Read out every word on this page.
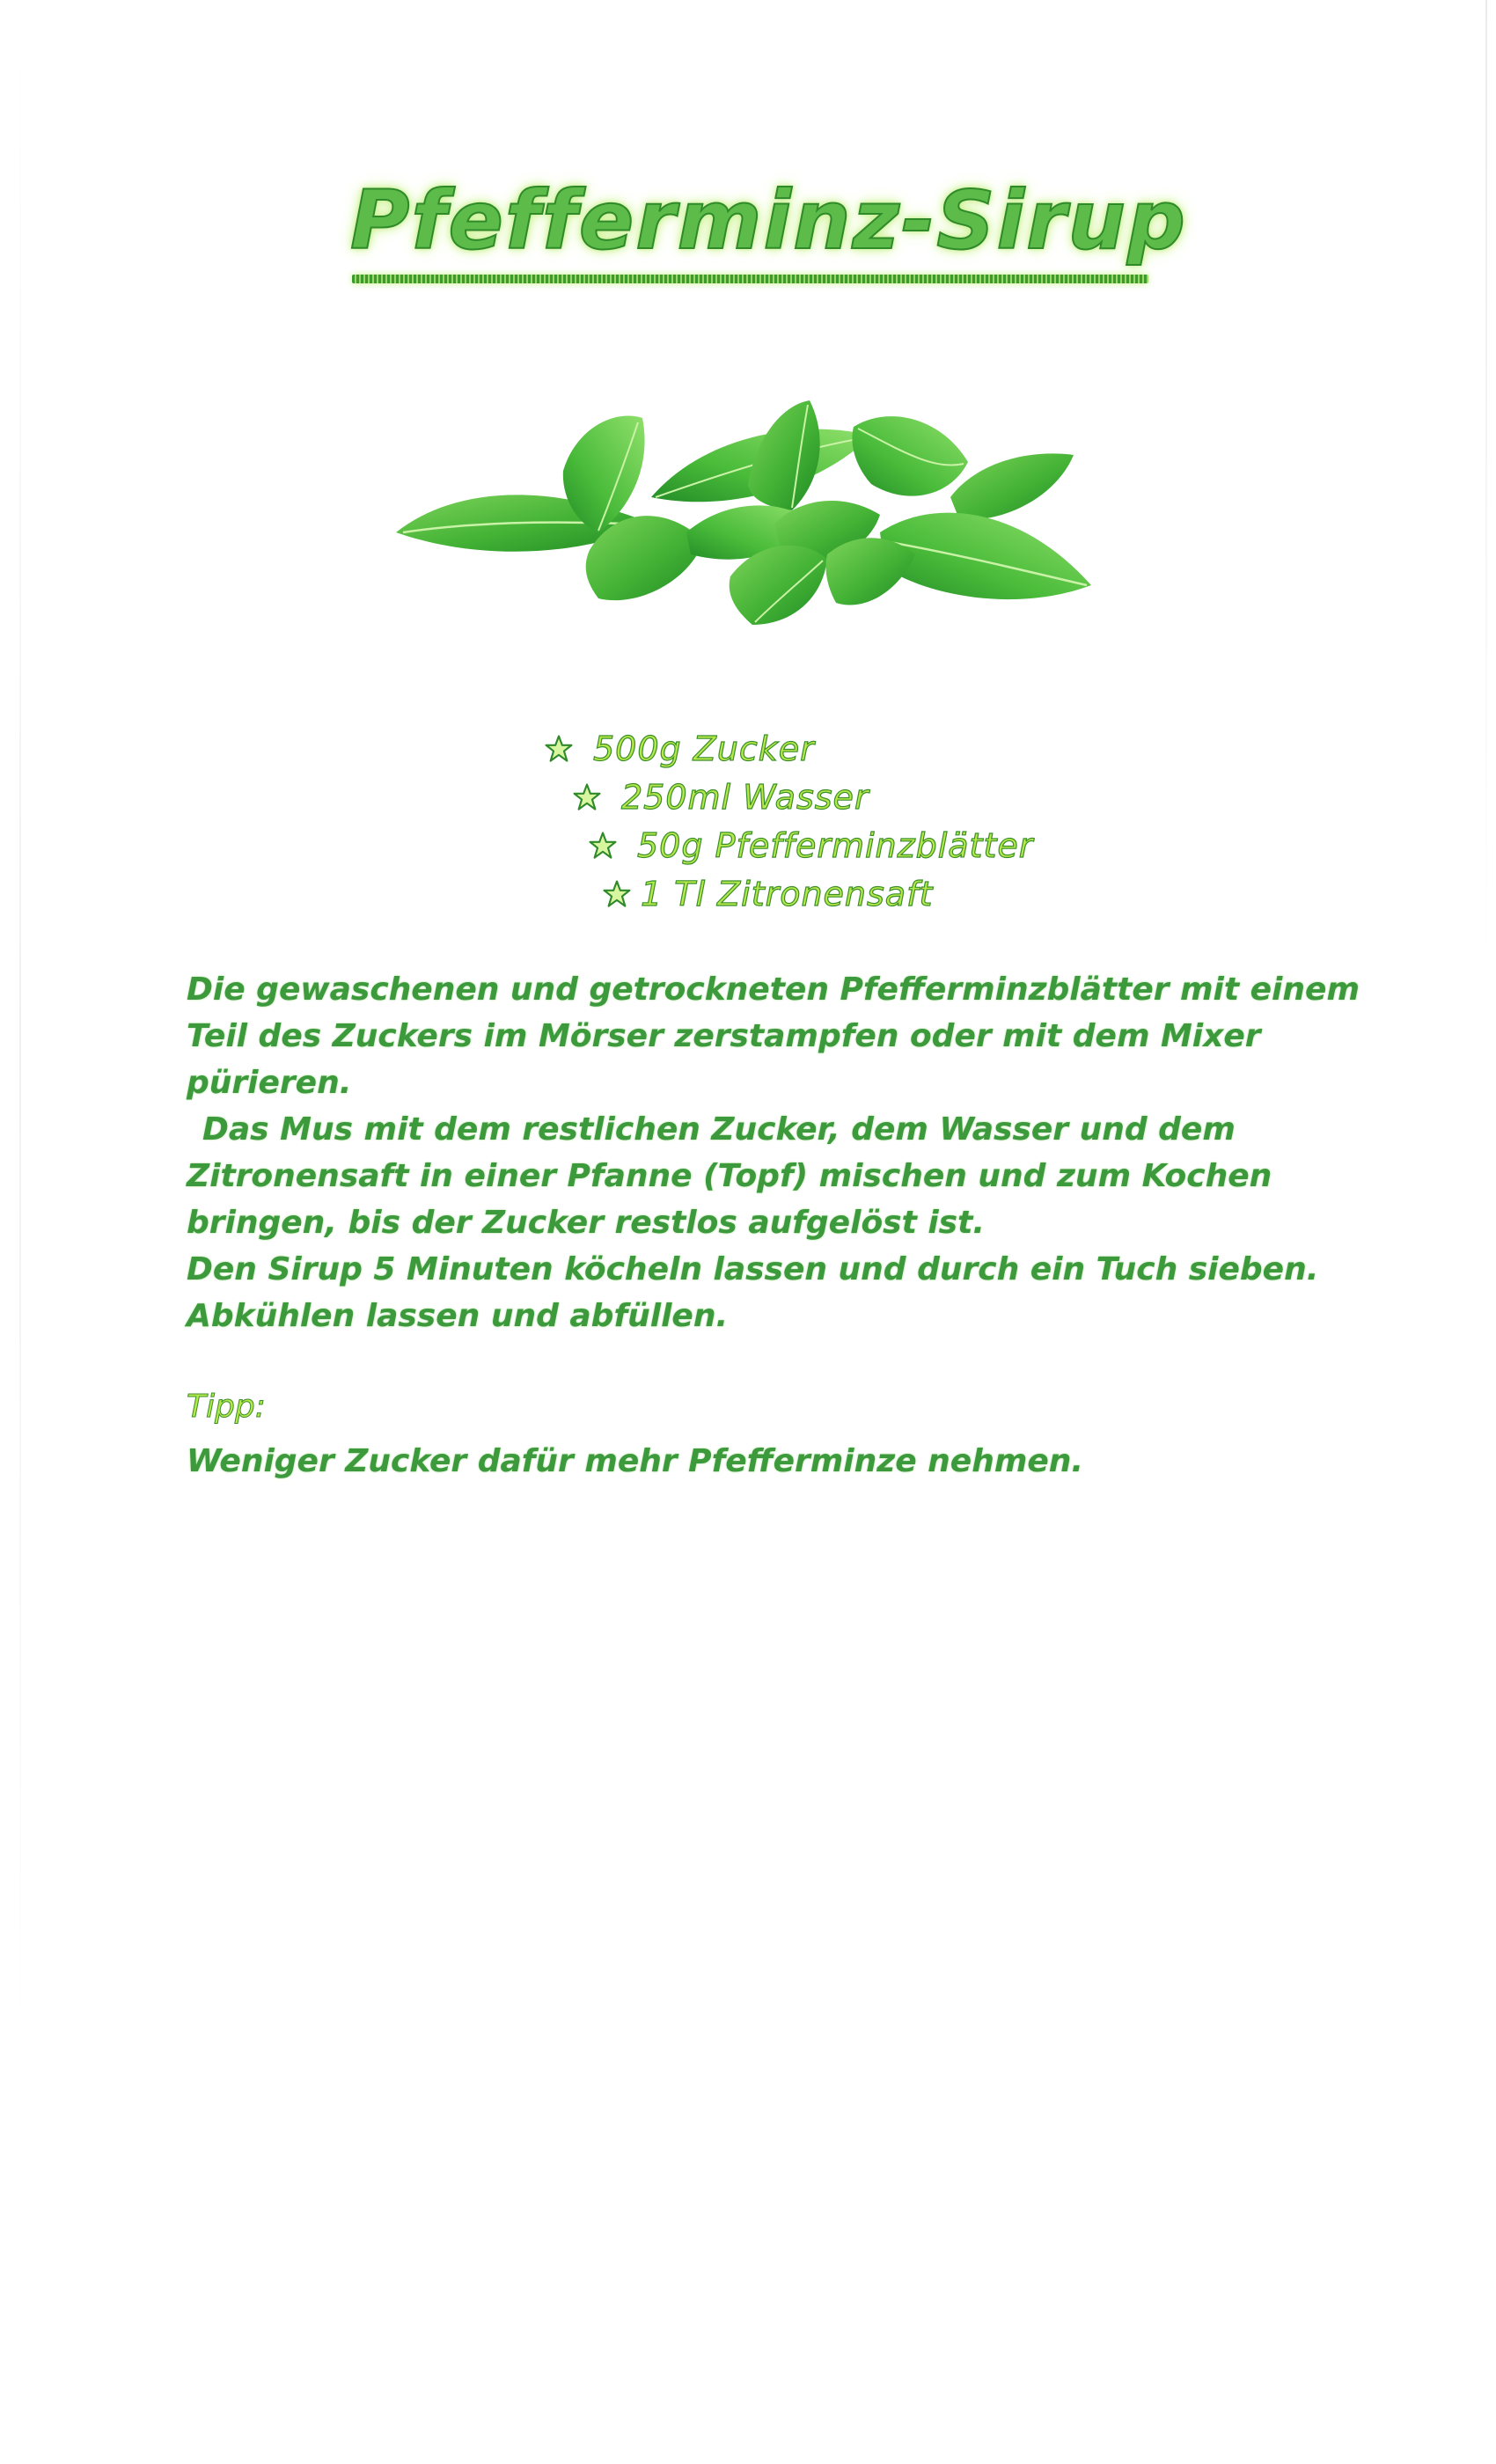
Pfefferminz-Sirup
500g Zucker
250ml Wasser
50g Pfefferminzblätter
1 Tl Zitronensaft
Die gewaschenen und getrockneten Pfefferminzblätter mit einem
Teil des Zuckers im Mörser zerstampfen oder mit dem Mixer
pürieren.
Das Mus mit dem restlichen Zucker, dem Wasser und dem
Zitronensaft in einer Pfanne (Topf) mischen und zum Kochen
bringen, bis der Zucker restlos aufgelöst ist.
Den Sirup 5 Minuten köcheln lassen und durch ein Tuch sieben.
Abkühlen lassen und abfüllen.
Tipp:
Weniger Zucker dafür mehr Pfefferminze nehmen.
